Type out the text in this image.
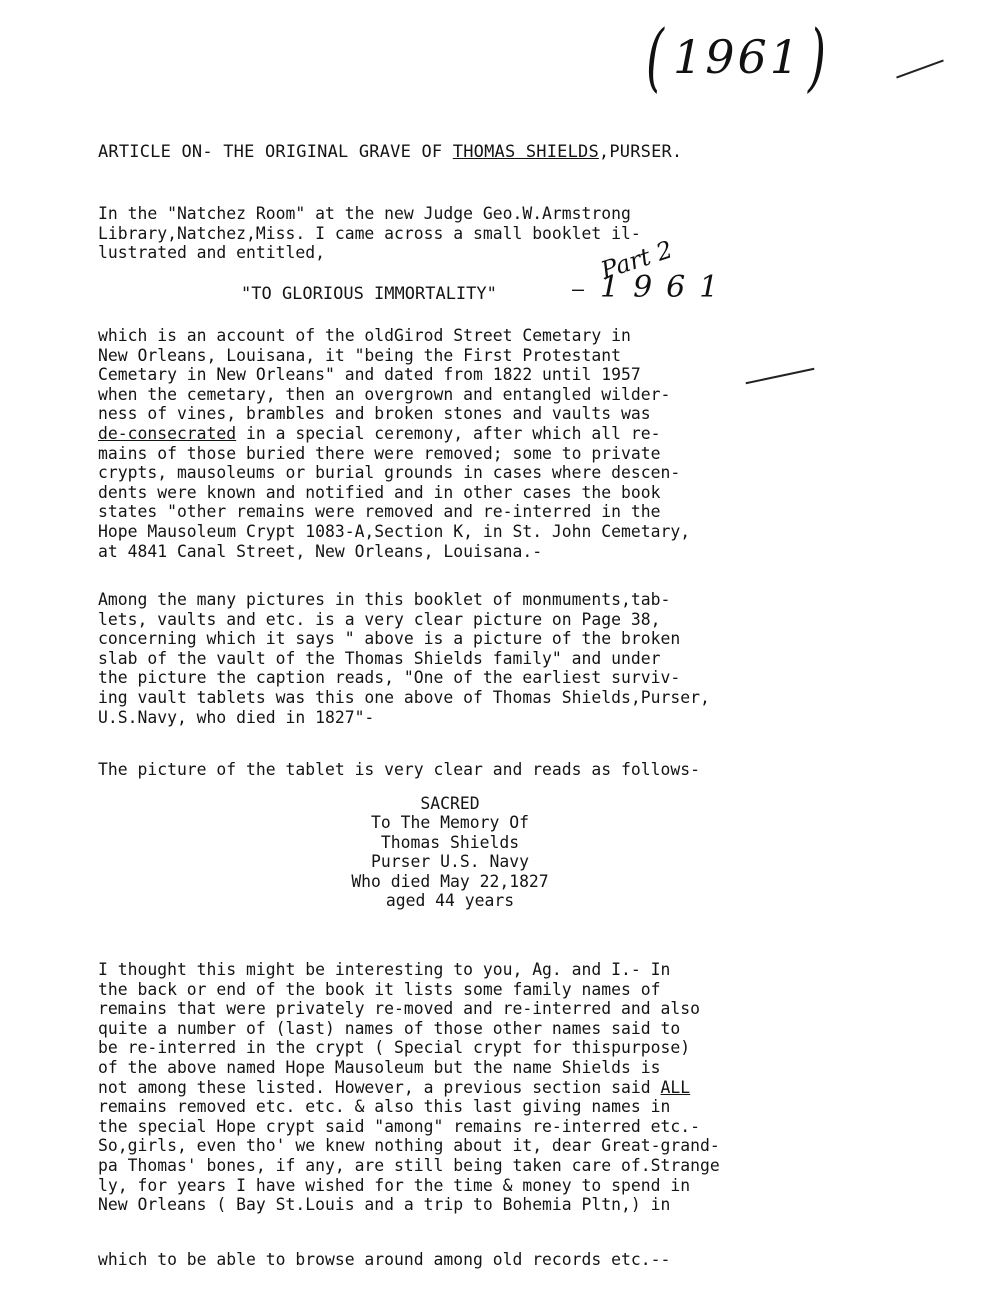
( 1961 )
Part 2
1961
ARTICLE ON- THE ORIGINAL GRAVE OF THOMAS SHIELDS,PURSER.
In the "Natchez Room" at the new Judge Geo.W.Armstrong
Library,Natchez,Miss. I came across a small booklet il-
lustrated and entitled,
"TO GLORIOUS IMMORTALITY"	—
which is an account of the oldGirod Street Cemetary in
New Orleans, Louisana, it "being the First Protestant
Cemetary in New Orleans" and dated from 1822 until 1957
when the cemetary, then an overgrown and entangled wilder-
ness of vines, brambles and broken stones and vaults was
de-consecrated in a special ceremony, after which all re-
mains of those buried there were removed; some to private
crypts, mausoleums or burial grounds in cases where descen-
dents were known and notified and in other cases the book
states "other remains were removed and re-interred in the
Hope Mausoleum Crypt 1083-A,Section K, in St. John Cemetary,
at 4841 Canal Street, New Orleans, Louisana.-
Among the many pictures in this booklet of monmuments,tab-
lets, vaults and etc. is a very clear picture on Page 38,
concerning which it says " above is a picture of the broken
slab of the vault of the Thomas Shields family" and under
the picture the caption reads, "One of the earliest surviv-
ing vault tablets was this one above of Thomas Shields,Purser,
U.S.Navy, who died in 1827"-
The picture of the tablet is very clear and reads as follows-
SACRED
To The Memory Of
Thomas Shields
Purser U.S. Navy
Who died May 22,1827
aged 44 years
I thought this might be interesting to you, Ag. and I.- In
the back or end of the book it lists some family names of
remains that were privately re-moved and re-interred and also
quite a number of (last) names of those other names said to
be re-interred in the crypt ( Special crypt for thispurpose)
of the above named Hope Mausoleum but the name Shields is
not among these listed. However, a previous section said ALL
remains removed etc. etc. & also this last giving names in
the special Hope crypt said "among" remains re-interred etc.-
So,girls, even tho' we knew nothing about it, dear Great-grand-
pa Thomas' bones, if any, are still being taken care of.Strange
ly, for years I have wished for the time & money to spend in
New Orleans ( Bay St.Louis and a trip to Bohemia Pltn,) in
which to be able to browse around among old records etc.--
